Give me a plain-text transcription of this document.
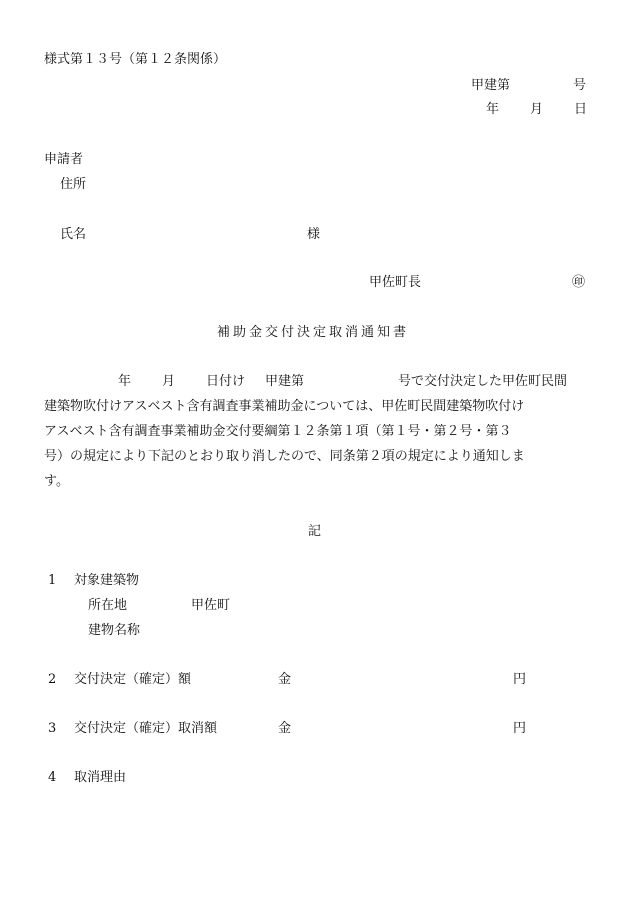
様式第１３号（第１２条関係）
甲建第	号
年 月 日
申請者
住所
氏名	様
甲佐町長	㊞
補助金交付決定取消通知書
年 月 日付け 甲建第	号で交付決定した甲佐町民間
建築物吹付けアスベスト含有調査事業補助金については、甲佐町民間建築物吹付け
アスベスト含有調査事業補助金交付要綱第１２条第１項（第１号・第２号・第３
号）の規定により下記のとおり取り消したので、同条第２項の規定により通知しま
す。
記
1 対象建築物
所在地	甲佐町
建物名称
2 交付決定（確定）額	金	円
3 交付決定（確定）取消額	金	円
4 取消理由
